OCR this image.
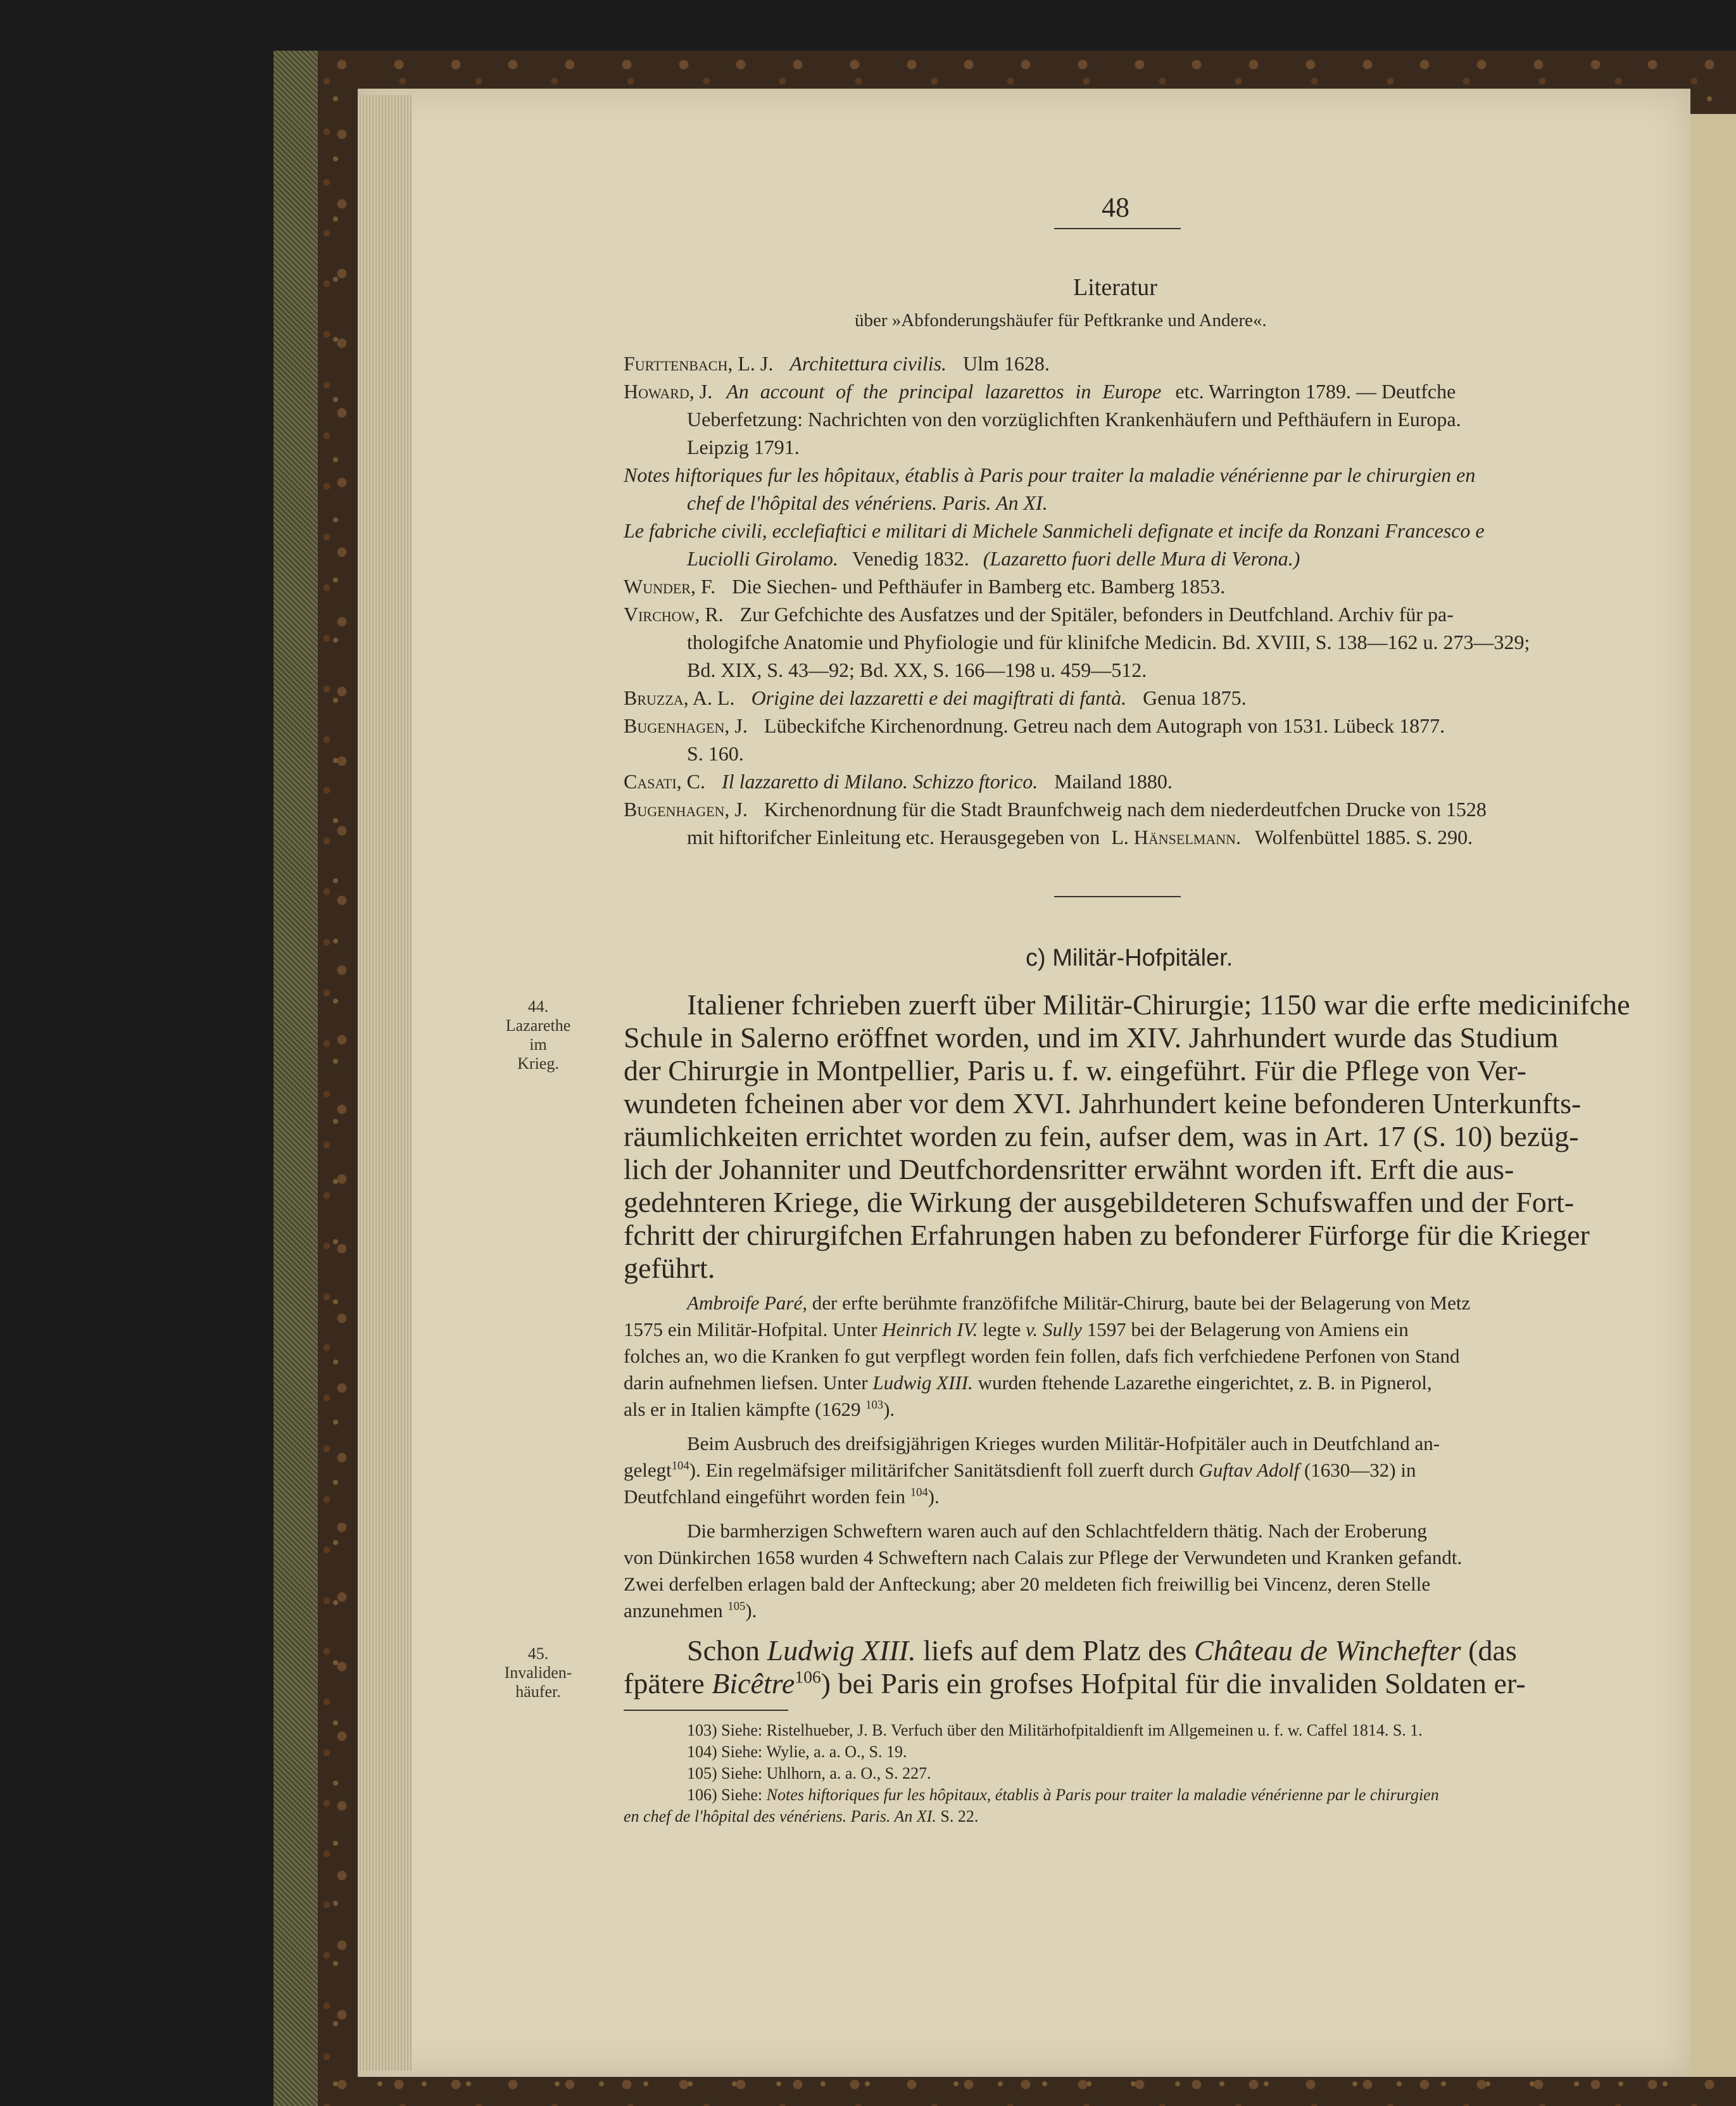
48
Literatur
über »Abfonderungshäufer für Peftkranke und Andere«.
Furttenbach, L. J. Architettura civilis. Ulm 1628.
Howard, J. An account of the principal lazarettos in Europe etc. Warrington 1789. — Deutfche
Ueberfetzung: Nachrichten von den vorzüglichften Krankenhäufern und Pefthäufern in Europa.
Leipzig 1791.
Notes hiftoriques fur les hôpitaux, établis à Paris pour traiter la maladie vénérienne par le chirurgien en
chef de l'hôpital des vénériens. Paris. An XI.
Le fabriche civili, ecclefiaftici e militari di Michele Sanmicheli defignate et incife da Ronzani Francesco e
Luciolli Girolamo. Venedig 1832. (Lazaretto fuori delle Mura di Verona.)
Wunder, F. Die Siechen- und Pefthäufer in Bamberg etc. Bamberg 1853.
Virchow, R. Zur Gefchichte des Ausfatzes und der Spitäler, befonders in Deutfchland. Archiv für pa-
thologifche Anatomie und Phyfiologie und für klinifche Medicin. Bd. XVIII, S. 138—162 u. 273—329;
Bd. XIX, S. 43—92; Bd. XX, S. 166—198 u. 459—512.
Bruzza, A. L. Origine dei lazzaretti e dei magiftrati di fantà. Genua 1875.
Bugenhagen, J. Lübeckifche Kirchenordnung. Getreu nach dem Autograph von 1531. Lübeck 1877.
S. 160.
Casati, C. Il lazzaretto di Milano. Schizzo ftorico. Mailand 1880.
Bugenhagen, J. Kirchenordnung für die Stadt Braunfchweig nach dem niederdeutfchen Drucke von 1528
mit hiftorifcher Einleitung etc. Herausgegeben von L. Hänselmann. Wolfenbüttel 1885. S. 290.
c) Militär-Hofpitäler.
44.
Lazarethe
im
Krieg.
45.
Invaliden-
häufer.
Italiener fchrieben zuerft über Militär-Chirurgie; 1150 war die erfte medicinifche
Schule in Salerno eröffnet worden, und im XIV. Jahrhundert wurde das Studium
der Chirurgie in Montpellier, Paris u. f. w. eingeführt. Für die Pflege von Ver-
wundeten fcheinen aber vor dem XVI. Jahrhundert keine befonderen Unterkunfts-
räumlichkeiten errichtet worden zu fein, aufser dem, was in Art. 17 (S. 10) bezüg-
lich der Johanniter und Deutfchordensritter erwähnt worden ift. Erft die aus-
gedehnteren Kriege, die Wirkung der ausgebildeteren Schufswaffen und der Fort-
fchritt der chirurgifchen Erfahrungen haben zu befonderer Fürforge für die Krieger
geführt.
Ambroife Paré, der erfte berühmte franzöfifche Militär-Chirurg, baute bei der Belagerung von Metz
1575 ein Militär-Hofpital. Unter Heinrich IV. legte v. Sully 1597 bei der Belagerung von Amiens ein
folches an, wo die Kranken fo gut verpflegt worden fein follen, dafs fich verfchiedene Perfonen von Stand
darin aufnehmen liefsen. Unter Ludwig XIII. wurden ftehende Lazarethe eingerichtet, z. B. in Pignerol,
als er in Italien kämpfte (1629 $^{103}$).
Beim Ausbruch des dreifsigjährigen Krieges wurden Militär-Hofpitäler auch in Deutfchland an-
gelegt$^{104}$). Ein regelmäfsiger militärifcher Sanitätsdienft foll zuerft durch Guftav Adolf (1630—32) in
Deutfchland eingeführt worden fein $^{104}$).
Die barmherzigen Schweftern waren auch auf den Schlachtfeldern thätig. Nach der Eroberung
von Dünkirchen 1658 wurden 4 Schweftern nach Calais zur Pflege der Verwundeten und Kranken gefandt.
Zwei derfelben erlagen bald der Anfteckung; aber 20 meldeten fich freiwillig bei Vincenz, deren Stelle
anzunehmen $^{105}$).
Schon Ludwig XIII. liefs auf dem Platz des Château de Winchefter (das
fpätere Bicêtre$^{106}$) bei Paris ein grofses Hofpital für die invaliden Soldaten er-
103) Siehe: Ristelhueber, J. B. Verfuch über den Militärhofpitaldienft im Allgemeinen u. f. w. Caffel 1814. S. 1.
104) Siehe: Wylie, a. a. O., S. 19.
105) Siehe: Uhlhorn, a. a. O., S. 227.
106) Siehe: Notes hiftoriques fur les hôpitaux, établis à Paris pour traiter la maladie vénérienne par le chirurgien
en chef de l'hôpital des vénériens. Paris. An XI. S. 22.
